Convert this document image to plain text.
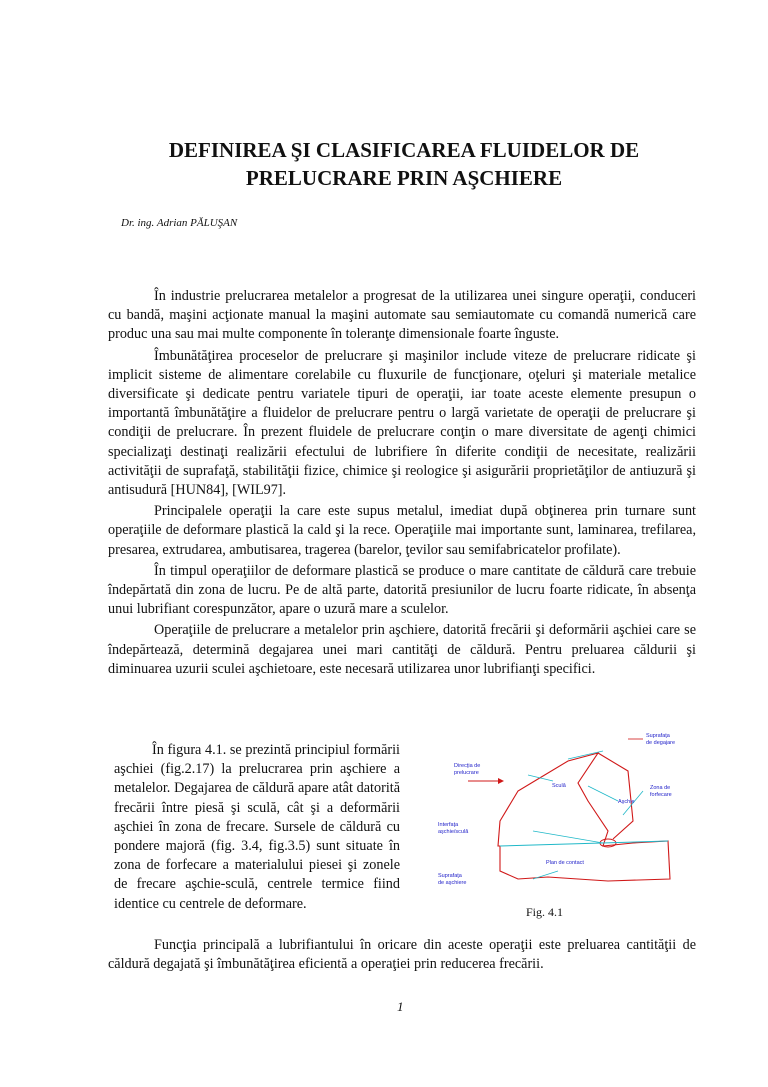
DEFINIREA ŞI CLASIFICAREA FLUIDELOR DE
PRELUCRARE PRIN AŞCHIERE
Dr. ing. Adrian PĂLUŞAN

În industrie prelucrarea metalelor a progresat de la utilizarea unei singure operaţii, conduceri cu bandă, maşini acţionate manual la maşini automate sau semiautomate cu comandă numerică care produc una sau mai multe componente în toleranţe dimensionale foarte înguste.

Îmbunătăţirea proceselor de prelucrare şi maşinilor include viteze de prelucrare ridicate şi implicit sisteme de alimentare corelabile cu fluxurile de funcţionare, oţeluri şi materiale metalice diversificate şi dedicate pentru variatele tipuri de operaţii, iar toate aceste elemente presupun o importantă îmbunătăţire a fluidelor de prelucrare pentru o largă varietate de operaţii de prelucrare şi condiţii de prelucrare. În prezent fluidele de prelucrare conţin o mare diversitate de agenţi chimici specializaţi destinaţi realizării efectului de lubrifiere în diferite condiţii de necesitate, realizării activităţii de suprafaţă, stabilităţii fizice, chimice şi reologice şi asigurării proprietăţilor de antiuzură şi antisudură [HUN84], [WIL97].

Principalele operaţii la care este supus metalul, imediat după obţinerea prin turnare sunt operaţiile de deformare plastică la cald şi la rece. Operaţiile mai importante sunt, laminarea, trefilarea, presarea, extrudarea, ambutisarea, tragerea (barelor, ţevilor sau semifabricatelor profilate).

În timpul operaţiilor de deformare plastică se produce o mare cantitate de căldură care trebuie îndepărtată din zona de lucru. Pe de altă parte, datorită presiunilor de lucru foarte ridicate, în absenţa unui lubrifiant corespunzător, apare o uzură mare a sculelor.

Operaţiile de prelucrare a metalelor prin aşchiere, datorită frecării şi deformării aşchiei care se îndepărtează, determină degajarea unei mari cantităţi de căldură. Pentru preluarea căldurii şi diminuarea uzurii sculei aşchietoare, este necesară utilizarea unor lubrifianţi specifici.

În figura 4.1. se prezintă principiul formării aşchiei (fig.2.17) la prelucrarea prin aşchiere a metalelor. Degajarea de căldură apare atât datorită frecării între piesă şi sculă, cât şi a deformării aşchiei în zona de frecare. Sursele de căldură cu pondere majoră (fig. 3.4, fig.3.5) sunt situate în zona de forfecare a materialului piesei şi zonele de frecare aşchie-sculă, centrele termice fiind identice cu centrele de deformare.

Suprafaţa
de degajare
Direcţia de
prelucrare
Sculă
Aşchie
Zona de
forfecare
Interfaţa
aşchie/sculă
Plan de contact
Suprafaţa
de aşchiere
Fig. 4.1

Funcţia principală a lubrifiantului în oricare din aceste operaţii este preluarea cantităţii de căldură degajată şi îmbunătăţirea eficientă a operaţiei prin reducerea frecării.

1
